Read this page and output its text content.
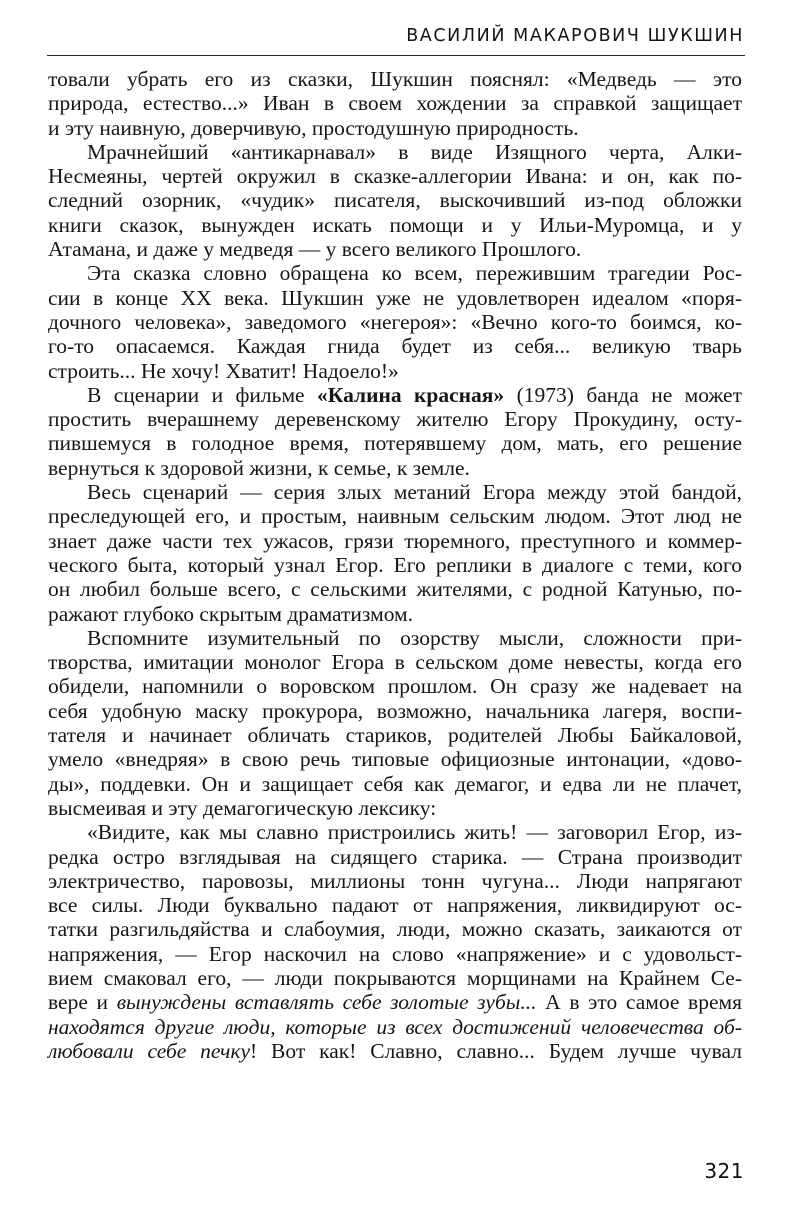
ВАСИЛИЙ МАКАРОВИЧ ШУКШИН
товали убрать его из сказки, Шукшин пояснял: «Медведь — это
природа, естество...» Иван в своем хождении за справкой защищает
и эту наивную, доверчивую, простодушную природность.
Мрачнейший «антикарнавал» в виде Изящного черта, Алки-
Несмеяны, чертей окружил в сказке-аллегории Ивана: и он, как по-
следний озорник, «чудик» писателя, выскочивший из-под обложки
книги сказок, вынужден искать помощи и у Ильи-Муромца, и у
Атамана, и даже у медведя — у всего великого Прошлого.
Эта сказка словно обращена ко всем, пережившим трагедии Рос-
сии в конце XX века. Шукшин уже не удовлетворен идеалом «поря-
дочного человека», заведомого «негероя»: «Вечно кого-то боимся, ко-
го-то опасаемся. Каждая гнида будет из себя... великую тварь
строить... Не хочу! Хватит! Надоело!»
В сценарии и фильме «Калина красная» (1973) банда не может
простить вчерашнему деревенскому жителю Егору Прокудину, осту-
пившемуся в голодное время, потерявшему дом, мать, его решение
вернуться к здоровой жизни, к семье, к земле.
Весь сценарий — серия злых метаний Егора между этой бандой,
преследующей его, и простым, наивным сельским людом. Этот люд не
знает даже части тех ужасов, грязи тюремного, преступного и коммер-
ческого быта, который узнал Егор. Его реплики в диалоге с теми, кого
он любил больше всего, с сельскими жителями, с родной Катунью, по-
ражают глубоко скрытым драматизмом.
Вспомните изумительный по озорству мысли, сложности при-
творства, имитации монолог Егора в сельском доме невесты, когда его
обидели, напомнили о воровском прошлом. Он сразу же надевает на
себя удобную маску прокурора, возможно, начальника лагеря, воспи-
тателя и начинает обличать стариков, родителей Любы Байкаловой,
умело «внедряя» в свою речь типовые официозные интонации, «дово-
ды», поддевки. Он и защищает себя как демагог, и едва ли не плачет,
высмеивая и эту демагогическую лексику:
«Видите, как мы славно пристроились жить! — заговорил Егор, из-
редка остро взглядывая на сидящего старика. — Страна производит
электричество, паровозы, миллионы тонн чугуна... Люди напрягают
все силы. Люди буквально падают от напряжения, ликвидируют ос-
татки разгильдяйства и слабоумия, люди, можно сказать, заикаются от
напряжения, — Егор наскочил на слово «напряжение» и с удовольст-
вием смаковал его, — люди покрываются морщинами на Крайнем Се-
вере и вынуждены вставлять себе золотые зубы... А в это самое время
находятся другие люди, которые из всех достижений человечества об-
любовали себе печку! Вот как! Славно, славно... Будем лучше чувал
321
